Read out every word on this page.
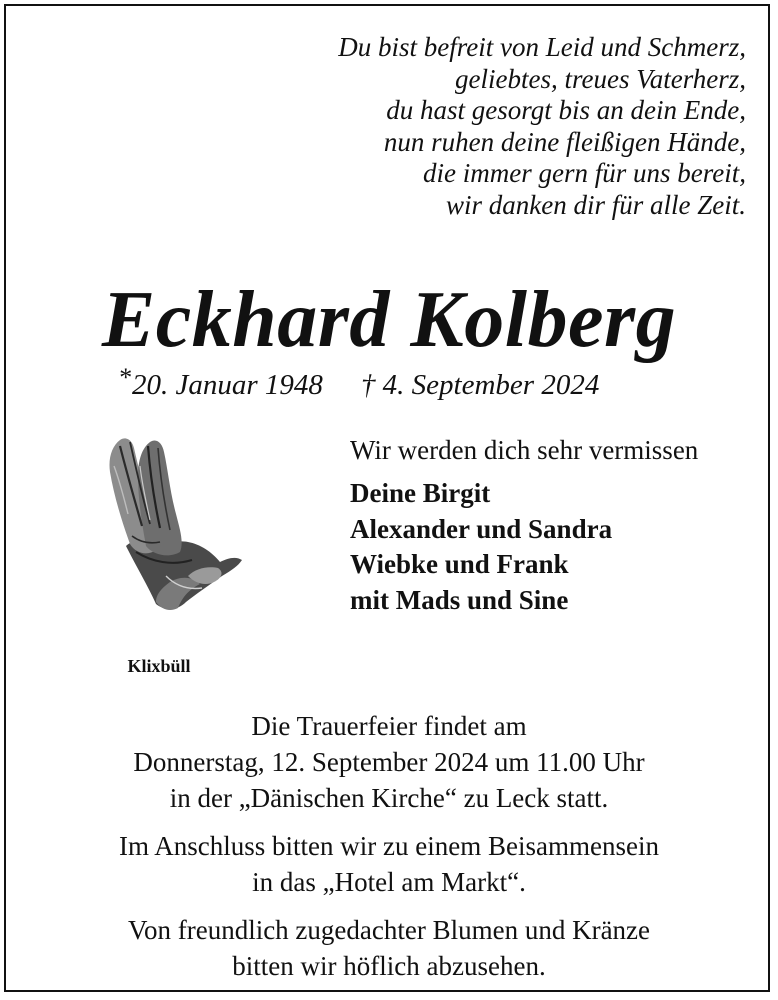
Du bist befreit von Leid und Schmerz,
geliebtes, treues Vaterherz,
du hast gesorgt bis an dein Ende,
nun ruhen deine fleißigen Hände,
die immer gern für uns bereit,
wir danken dir für alle Zeit.
Eckhard Kolberg
*20. Januar 1948 † 4. September 2024
Klixbüll
Wir werden dich sehr vermissen
Deine Birgit
Alexander und Sandra
Wiebke und Frank
mit Mads und Sine
Die Trauerfeier findet am
Donnerstag, 12. September 2024 um 11.00 Uhr
in der „Dänischen Kirche“ zu Leck statt.
Im Anschluss bitten wir zu einem Beisammensein
in das „Hotel am Markt“.
Von freundlich zugedachter Blumen und Kränze
bitten wir höflich abzusehen.
